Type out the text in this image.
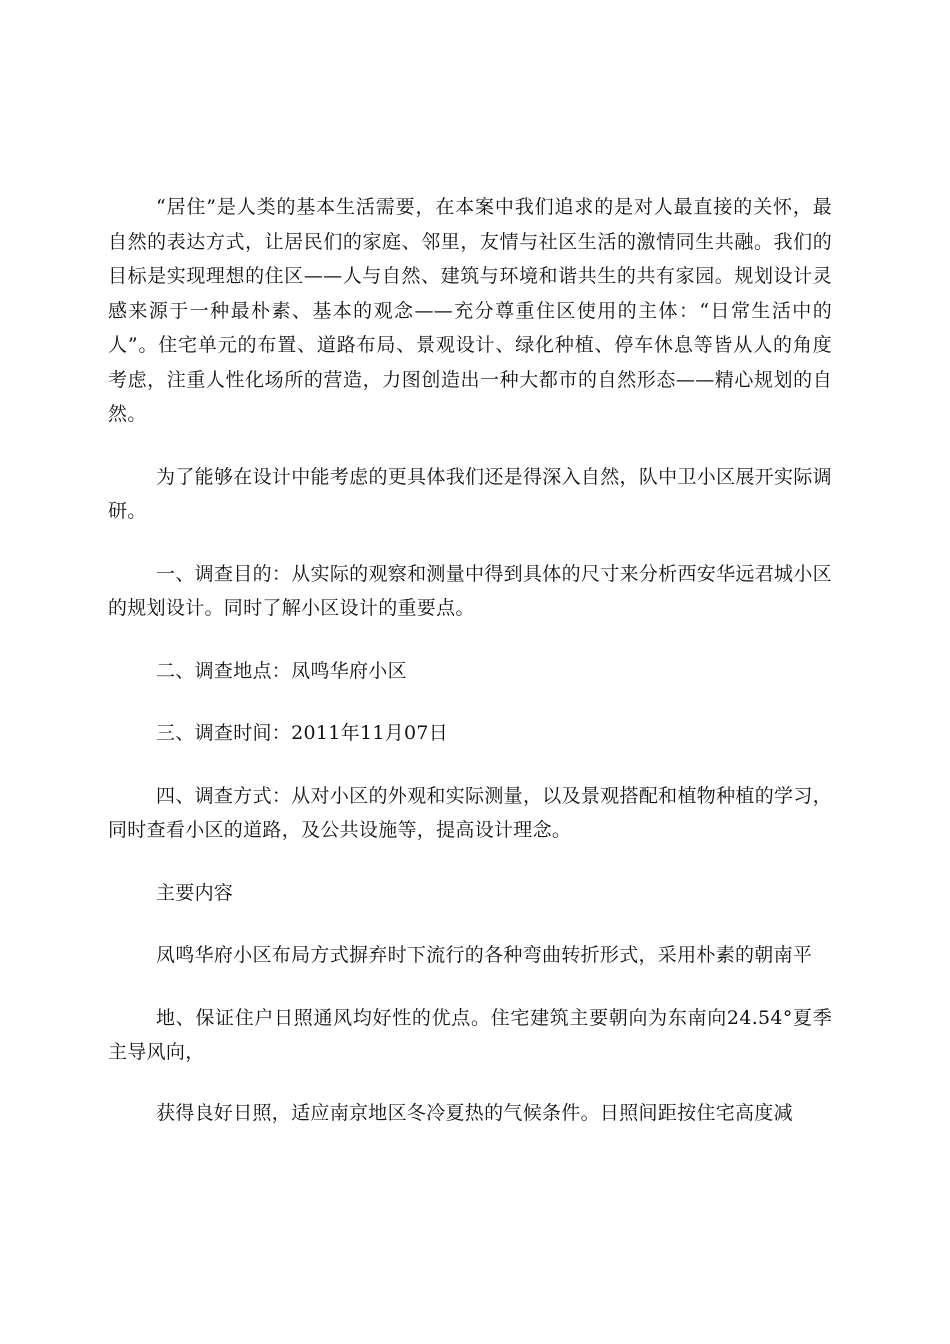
“居住”是人类的基本生活需要，在本案中我们追求的是对人最直接的关怀，最自然的表达方式，让居民们的家庭、邻里，友情与社区生活的激情同生共融。我们的目标是实现理想的住区——人与自然、建筑与环境和谐共生的共有家园。规划设计灵感来源于一种最朴素、基本的观念——充分尊重住区使用的主体：“日常生活中的人”。住宅单元的布置、道路布局、景观设计、绿化种植、停车休息等皆从人的角度考虑，注重人性化场所的营造，力图创造出一种大都市的自然形态——精心规划的自然。

为了能够在设计中能考虑的更具体我们还是得深入自然，队中卫小区展开实际调研。

一、调查目的：从实际的观察和测量中得到具体的尺寸来分析西安华远君城小区的规划设计。同时了解小区设计的重要点。

二、调查地点：凤鸣华府小区

三、调查时间：2011年11月07日

四、调查方式：从对小区的外观和实际测量，以及景观搭配和植物种植的学习，同时查看小区的道路，及公共设施等，提高设计理念。

主要内容

凤鸣华府小区布局方式摒弃时下流行的各种弯曲转折形式，采用朴素的朝南平

地、保证住户日照通风均好性的优点。住宅建筑主要朝向为东南向24.54°夏季主导风向，

获得良好日照，适应南京地区冬冷夏热的气候条件。日照间距按住宅高度减
